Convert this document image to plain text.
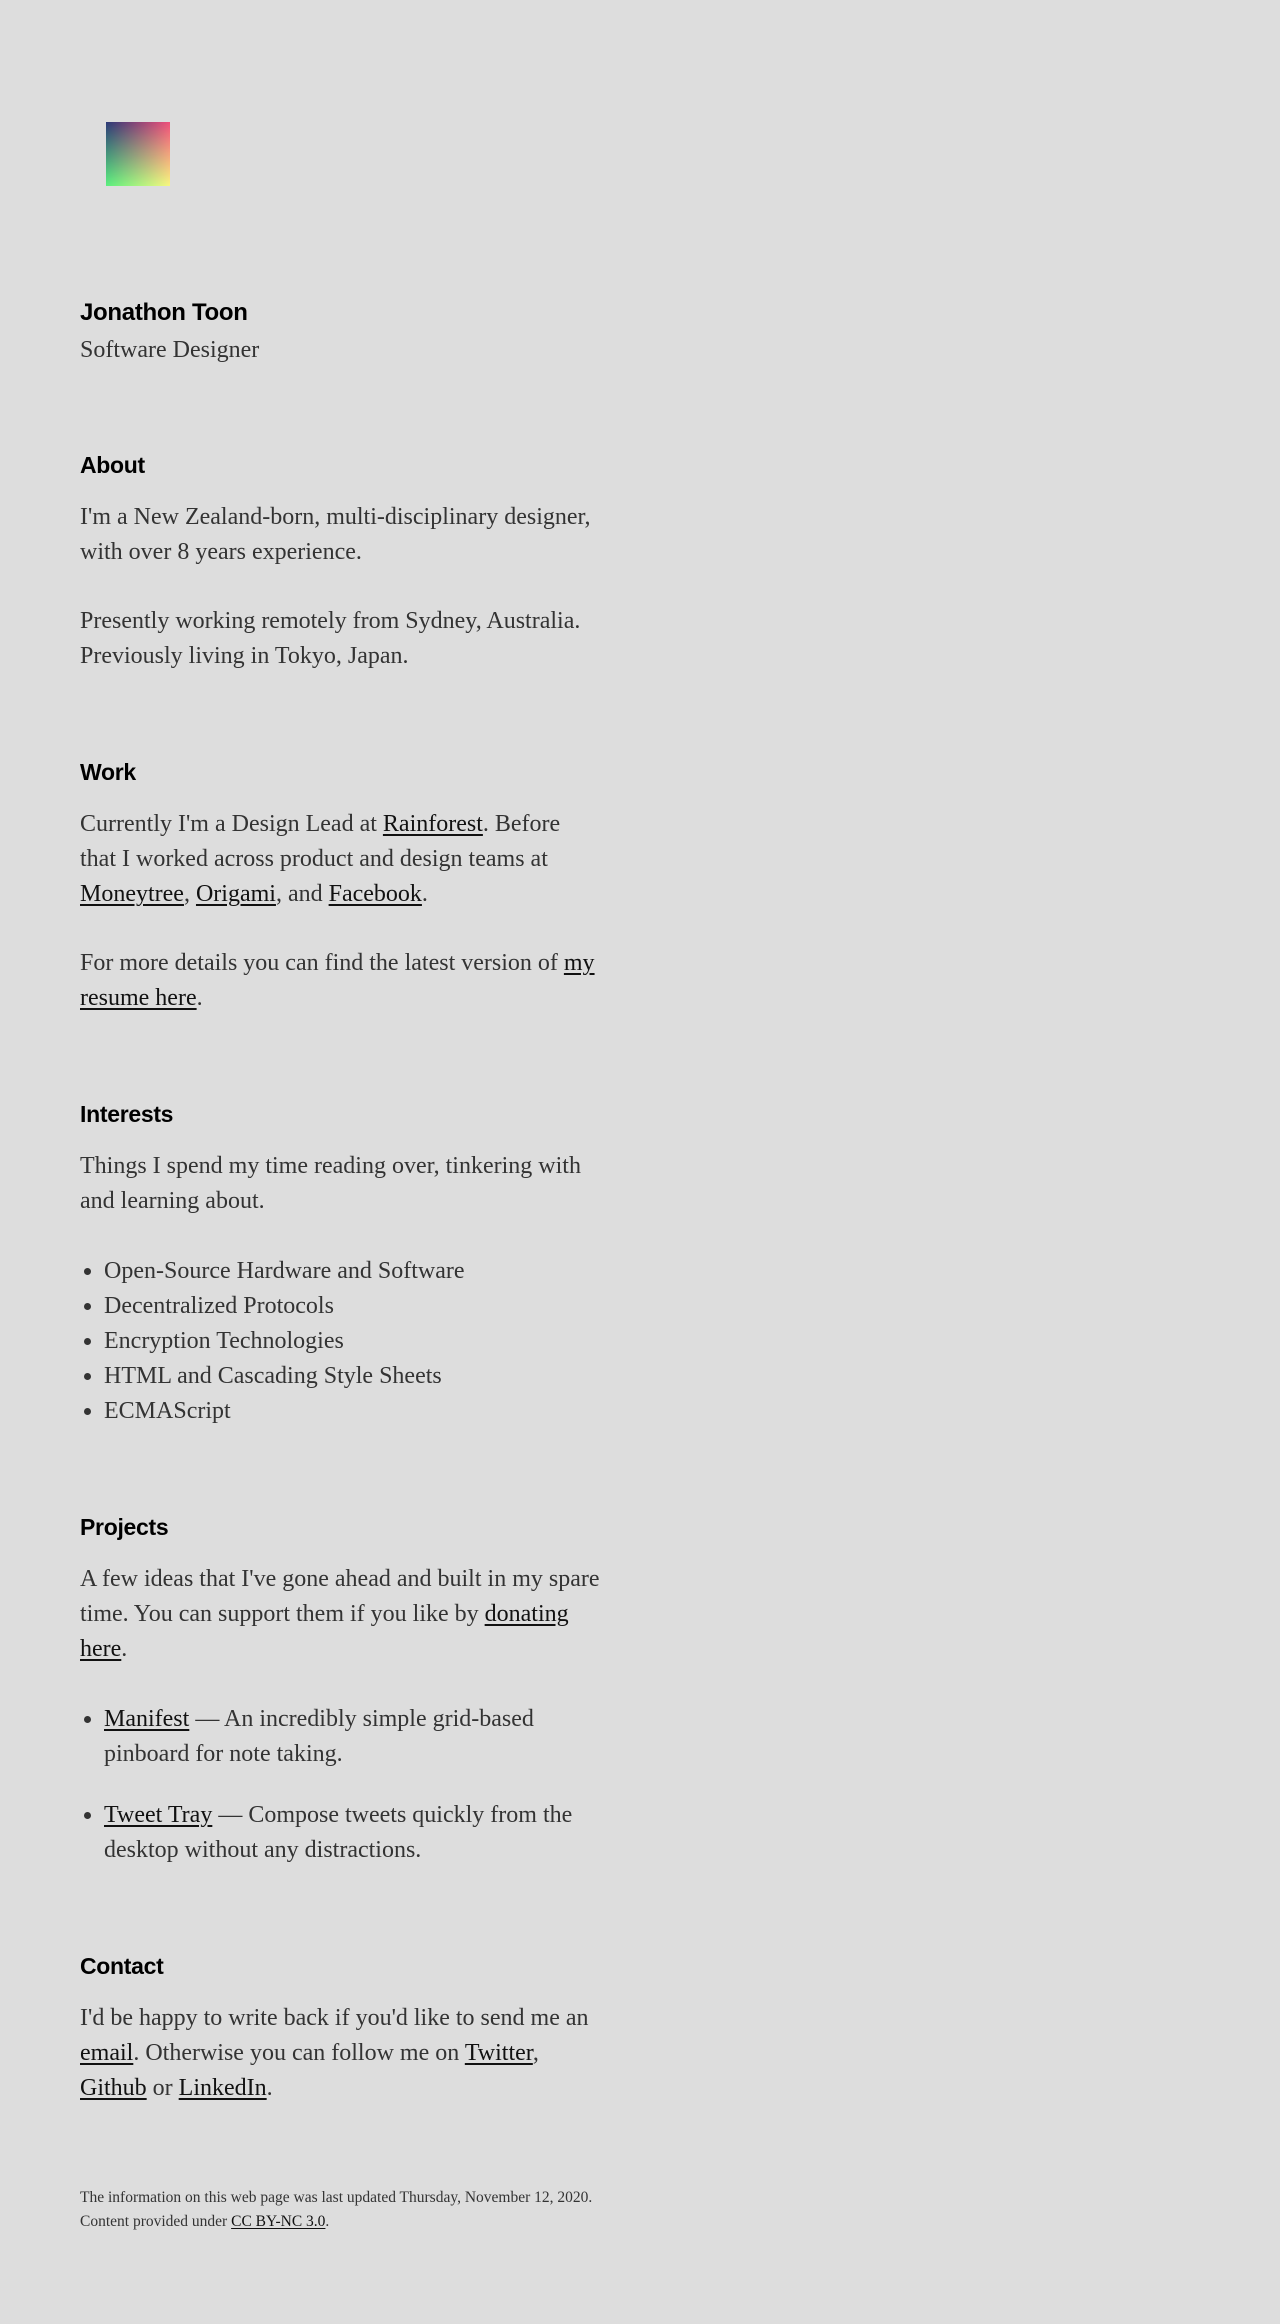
Jonathon Toon
Software Designer
About

I'm a New Zealand-born, multi-disciplinary designer, with over 8 years experience.

Presently working remotely from Sydney, Australia. Previously living in Tokyo, Japan.

Work

Currently I'm a Design Lead at Rainforest. Before that I worked across product and design teams at Moneytree, Origami, and Facebook.

For more details you can find the latest version of my resume here.

Interests

Things I spend my time reading over, tinkering with and learning about.

• Open-Source Hardware and Software
• Decentralized Protocols
• Encryption Technologies
• HTML and Cascading Style Sheets
• ECMAScript
Projects

A few ideas that I've gone ahead and built in my spare time. You can support them if you like by donating here.

• Manifest — An incredibly simple grid-based pinboard for note taking.
• Tweet Tray — Compose tweets quickly from the desktop without any distractions.
Contact

I'd be happy to write back if you'd like to send me an email. Otherwise you can follow me on Twitter, Github or LinkedIn.

The information on this web page was last updated Thursday, November 12, 2020. Content provided under CC BY-NC 3.0.
